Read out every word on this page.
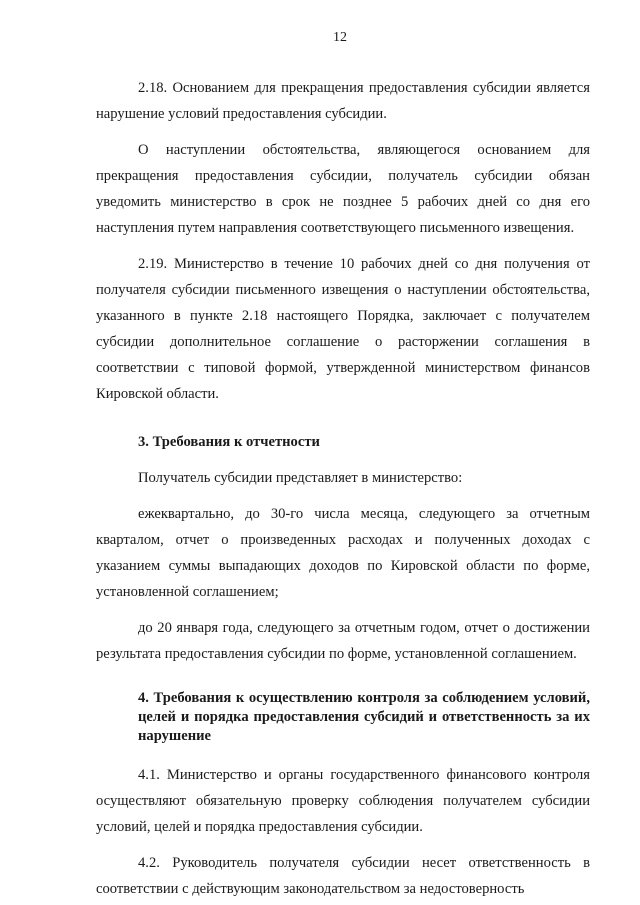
12

2.18. Основанием для прекращения предоставления субсидии является нарушение условий предоставления субсидии.

О наступлении обстоятельства, являющегося основанием для прекращения предоставления субсидии, получатель субсидии обязан уведомить министерство в срок не позднее 5 рабочих дней со дня его наступления путем направления соответствующего письменного извещения.

2.19. Министерство в течение 10 рабочих дней со дня получения от получателя субсидии письменного извещения о наступлении обстоятельства, указанного в пункте 2.18 настоящего Порядка, заключает с получателем субсидии дополнительное соглашение о расторжении соглашения в соответствии с типовой формой, утвержденной министерством финансов Кировской области.

3. Требования к отчетности

Получатель субсидии представляет в министерство:

ежеквартально, до 30-го числа месяца, следующего за отчетным кварталом, отчет о произведенных расходах и полученных доходах с указанием суммы выпадающих доходов по Кировской области по форме, установленной соглашением;

до 20 января года, следующего за отчетным годом, отчет о достижении результата предоставления субсидии по форме, установленной соглашением.

4. Требования к осуществлению контроля за соблюдением условий, целей и порядка предоставления субсидий и ответственность за их нарушение

4.1. Министерство и органы государственного финансового контроля осуществляют обязательную проверку соблюдения получателем субсидии условий, целей и порядка предоставления субсидии.

4.2. Руководитель получателя субсидии несет ответственность в соответствии с действующим законодательством за недостоверность
